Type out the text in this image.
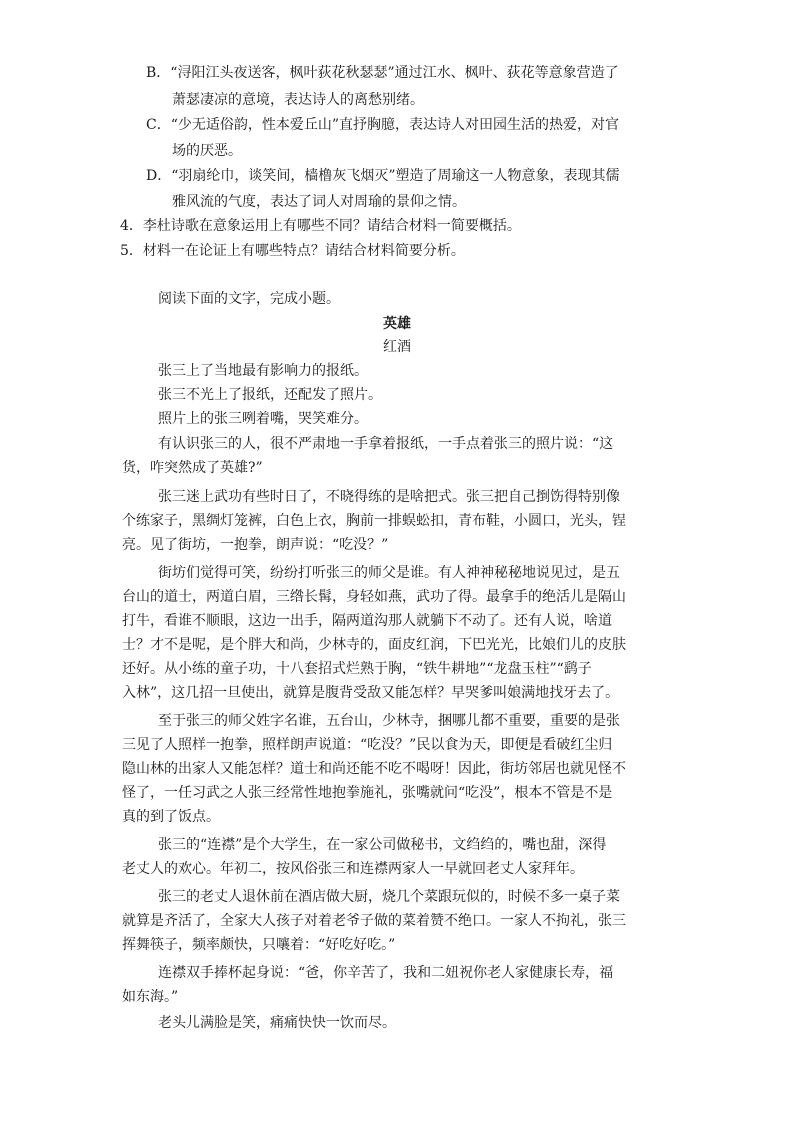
B．“浔阳江头夜送客，枫叶荻花秋瑟瑟”通过江水、枫叶、荻花等意象营造了
萧瑟凄凉的意境，表达诗人的离愁别绪。
C．“少无适俗韵，性本爱丘山”直抒胸臆，表达诗人对田园生活的热爱，对官
场的厌恶。
D．“羽扇纶巾，谈笑间，樯橹灰飞烟灭”塑造了周瑜这一人物意象，表现其儒
雅风流的气度，表达了词人对周瑜的景仰之情。
4．李杜诗歌在意象运用上有哪些不同？请结合材料一简要概括。
5．材料一在论证上有哪些特点？请结合材料简要分析。
阅读下面的文字，完成小题。
英雄
红酒
张三上了当地最有影响力的报纸。
张三不光上了报纸，还配发了照片。
照片上的张三咧着嘴，哭笑难分。
有认识张三的人，很不严肃地一手拿着报纸，一手点着张三的照片说：“这
货，咋突然成了英雄?”
张三迷上武功有些时日了，不晓得练的是啥把式。张三把自己捯饬得特别像
个练家子，黑绸灯笼裤，白色上衣，胸前一排蜈蚣扣，青布鞋，小圆口，光头，锃
亮。见了街坊，一抱拳，朗声说：“吃没？”
街坊们觉得可笑，纷纷打听张三的师父是谁。有人神神秘秘地说见过，是五
台山的道士，两道白眉，三绺长髯，身轻如燕，武功了得。最拿手的绝活儿是隔山
打牛，看谁不顺眼，这边一出手，隔两道沟那人就躺下不动了。还有人说，啥道
士？才不是呢，是个胖大和尚，少林寺的，面皮红润，下巴光光，比娘们儿的皮肤
还好。从小练的童子功，十八套招式烂熟于胸，“铁牛耕地”“龙盘玉柱”“鹞子
入林”，这几招一旦使出，就算是腹背受敌又能怎样？早哭爹叫娘满地找牙去了。
至于张三的师父姓字名谁，五台山，少林寺，捆哪儿都不重要，重要的是张
三见了人照样一抱拳，照样朗声说道：“吃没？”民以食为天，即便是看破红尘归
隐山林的出家人又能怎样？道士和尚还能不吃不喝呀！因此，街坊邻居也就见怪不
怪了，一任习武之人张三经常性地抱拳施礼，张嘴就问“吃没”，根本不管是不是
真的到了饭点。
张三的“连襟”是个大学生，在一家公司做秘书，文绉绉的，嘴也甜，深得
老丈人的欢心。年初二，按风俗张三和连襟两家人一早就回老丈人家拜年。
张三的老丈人退休前在酒店做大厨，烧几个菜跟玩似的，时候不多一桌子菜
就算是齐活了，全家大人孩子对着老爷子做的菜着赞不绝口。一家人不拘礼，张三
挥舞筷子，频率颇快，只嚷着：“好吃好吃。”
连襟双手捧杯起身说：“爸，你辛苦了，我和二妞祝你老人家健康长寿，福
如东海。”
老头儿满脸是笑，痛痛快快一饮而尽。
